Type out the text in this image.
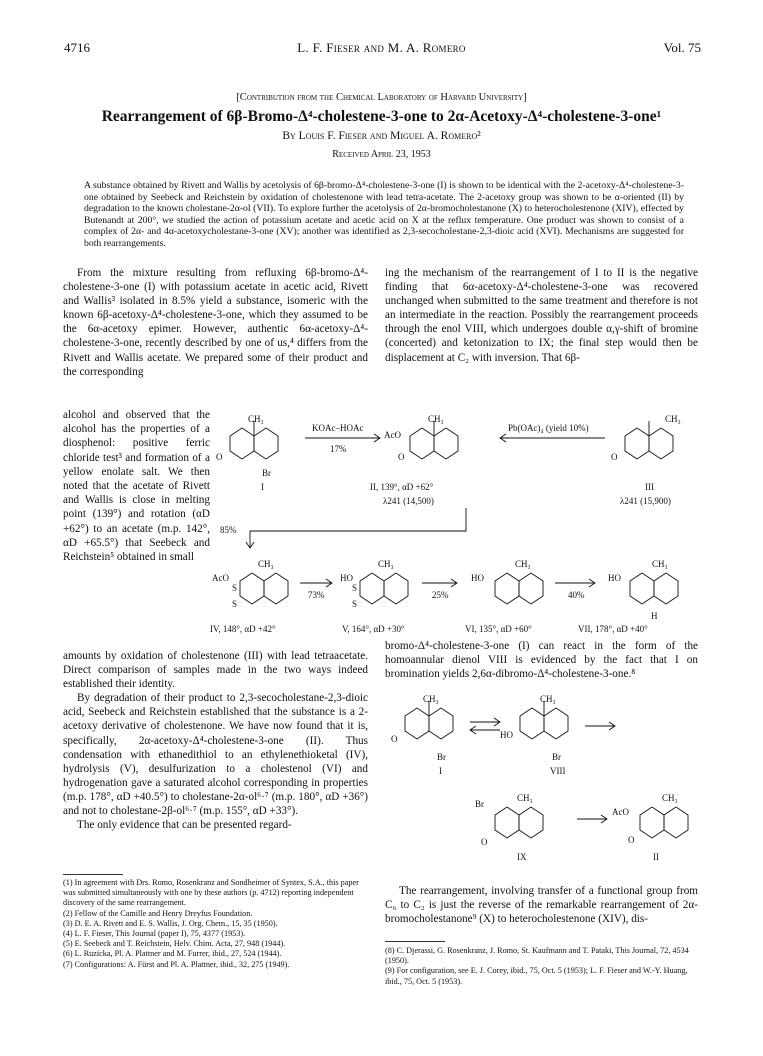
4716	L. F. Fieser and M. A. Romero	Vol. 75
[Contribution from the Chemical Laboratory of Harvard University]
Rearrangement of 6β-Bromo-Δ⁴-cholestene-3-one to 2α-Acetoxy-Δ⁴-cholestene-3-one¹
By Louis F. Fieser and Miguel A. Romero²
Received April 23, 1953
A substance obtained by Rivett and Wallis by acetolysis of 6β-bromo-Δ⁴-cholestene-3-one (I) is shown to be identical with the 2-acetoxy-Δ⁴-cholestene-3-one obtained by Seebeck and Reichstein by oxidation of cholestenone with lead tetra-acetate. The 2-acetoxy group was shown to be α-oriented (II) by degradation to the known cholestane-2α-ol (VII). To explore further the acetolysis of 2α-bromocholestanone (X) to heterocholestenone (XIV), effected by Butenandt at 200°, we studied the action of potassium acetate and acetic acid on X at the reflux temperature. One product was shown to consist of a complex of 2α- and 4α-acetoxycholestane-3-one (XV); another was identified as 2,3-secocholestane-2,3-dioic acid (XVI). Mechanisms are suggested for both rearrangements.

From the mixture resulting from refluxing 6β-bromo-Δ⁴-cholestene-3-one (I) with potassium acetate in acetic acid, Rivett and Wallis³ isolated in 8.5% yield a substance, isomeric with the known 6β-acetoxy-Δ⁴-cholestene-3-one, which they assumed to be the 6α-acetoxy epimer. However, authentic 6α-acetoxy-Δ⁴-cholestene-3-one, recently described by one of us,⁴ differs from the Rivett and Wallis acetate. We prepared some of their product and the corresponding

alcohol and observed that the alcohol has the properties of a diosphenol: positive ferric chloride test³ and formation of a yellow enolate salt. We then noted that the acetate of Rivett and Wallis is close in melting point (139°) and rotation (αD +62°) to an acetate (m.p. 142°, αD +65.5°) that Seebeck and Reichstein⁵ obtained in small

amounts by oxidation of cholestenone (III) with lead tetraacetate. Direct comparison of samples made in the two ways indeed established their identity.

By degradation of their product to 2,3-secocholestane-2,3-dioic acid, Seebeck and Reichstein established that the substance is a 2-acetoxy derivative of cholestenone. We have now found that it is, specifically, 2α-acetoxy-Δ⁴-cholestene-3-one (II). Thus condensation with ethanedithiol to an ethylenethioketal (IV), hydrolysis (V), desulfurization to a cholestenol (VI) and hydrogenation gave a saturated alcohol corresponding in properties (m.p. 178°, αD +40.5°) to cholestane-2α-ol⁶·⁷ (m.p. 180°, αD +36°) and not to cholestane-2β-ol⁶·⁷ (m.p. 155°, αD +33°).

The only evidence that can be presented regard-

(1) In agreement with Drs. Romo, Rosenkranz and Sondheimer of Syntex, S.A., this paper was submitted simultaneously with one by these authors (p. 4712) reporting independent discovery of the same rearrangement.
(2) Fellow of the Camille and Henry Dreyfus Foundation.
(3) D. E. A. Rivett and E. S. Wallis, J. Org. Chem., 15, 35 (1950).
(4) L. F. Fieser, This Journal (paper I), 75, 4377 (1953).
(5) E. Seebeck and T. Reichstein, Helv. Chim. Acta, 27, 948 (1944).
(6) L. Ruzicka, Pl. A. Plattner and M. Furrer, ibid., 27, 524 (1944).
(7) Configurations: A. Fürst and Pl. A. Plattner, ibid., 32, 275 (1949).

ing the mechanism of the rearrangement of I to II is the negative finding that 6α-acetoxy-Δ⁴-cholestene-3-one was recovered unchanged when submitted to the same treatment and therefore is not an intermediate in the reaction. Possibly the rearrangement proceeds through the enol VIII, which undergoes double α,γ-shift of bromine (concerted) and ketonization to IX; the final step would then be displacement at C₂ with inversion. That 6β-

bromo-Δ⁴-cholestene-3-one (I) can react in the form of the homoannular dienol VIII is evidenced by the fact that I on bromination yields 2,6α-dibromo-Δ⁴-cholestene-3-one.⁸

The rearrangement, involving transfer of a functional group from C₆ to C₂ is just the reverse of the remarkable rearrangement of 2α-bromocholestanone⁹ (X) to heterocholestenone (XIV), dis-

(8) C. Djerassi, G. Rosenkranz, J. Romo, St. Kaufmann and T. Pataki, This Journal, 72, 4534 (1950).
(9) For configuration, see E. J. Corey, ibid., 75, Oct. 5 (1953); L. F. Fieser and W.-Y. Huang, ibid., 75, Oct. 5 (1953).
CH₃
O
Br
I
KOAc–HOAc
17%
AcO
CH₃
O
II, 139°, αD +62°
λ241 (14,500)
Pb(OAc)₄ (yield 10%)
CH₃
O
III
λ241 (15,900)
85%
AcO
CH₃
S
S
IV, 148°, αD +42°
73%
HO
CH₃
S
S
V, 164°, αD +30°
25%
HO
CH₃
VI, 135°, αD +60°
40%
HO
CH₃
H
VII, 178°, αD +40°
CH₃
O
Br
I
CH₃
HO
Br
VIII
Br
CH₃
O
IX
AcO
CH₃
O
II
